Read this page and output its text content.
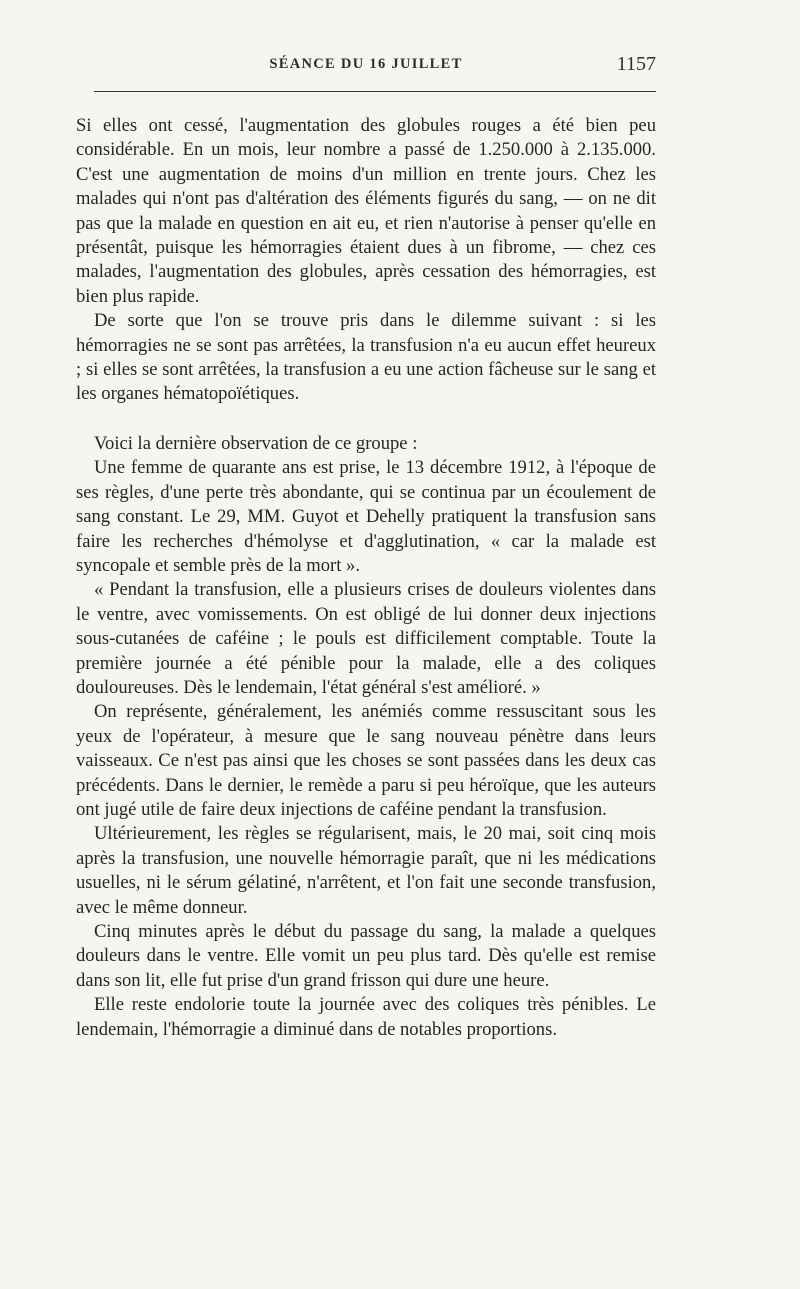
SÉANCE DU 16 JUILLET	1157

Si elles ont cessé, l'augmentation des globules rouges a été bien peu considérable. En un mois, leur nombre a passé de 1.250.000 à 2.135.000. C'est une augmentation de moins d'un million en trente jours. Chez les malades qui n'ont pas d'altération des éléments figurés du sang, — on ne dit pas que la malade en question en ait eu, et rien n'autorise à penser qu'elle en présentât, puisque les hémorragies étaient dues à un fibrome, — chez ces malades, l'augmentation des globules, après cessation des hémorragies, est bien plus rapide.

De sorte que l'on se trouve pris dans le dilemme suivant : si les hémorragies ne se sont pas arrêtées, la transfusion n'a eu aucun effet heureux ; si elles se sont arrêtées, la transfusion a eu une action fâcheuse sur le sang et les organes hématopoïétiques.

Voici la dernière observation de ce groupe :

Une femme de quarante ans est prise, le 13 décembre 1912, à l'époque de ses règles, d'une perte très abondante, qui se continua par un écoulement de sang constant. Le 29, MM. Guyot et Dehelly pratiquent la transfusion sans faire les recherches d'hémolyse et d'agglutination, « car la malade est syncopale et semble près de la mort ».

« Pendant la transfusion, elle a plusieurs crises de douleurs violentes dans le ventre, avec vomissements. On est obligé de lui donner deux injections sous-cutanées de caféine ; le pouls est difficilement comptable. Toute la première journée a été pénible pour la malade, elle a des coliques douloureuses. Dès le lendemain, l'état général s'est amélioré. »

On représente, généralement, les anémiés comme ressuscitant sous les yeux de l'opérateur, à mesure que le sang nouveau pénètre dans leurs vaisseaux. Ce n'est pas ainsi que les choses se sont passées dans les deux cas précédents. Dans le dernier, le remède a paru si peu héroïque, que les auteurs ont jugé utile de faire deux injections de caféine pendant la transfusion.

Ultérieurement, les règles se régularisent, mais, le 20 mai, soit cinq mois après la transfusion, une nouvelle hémorragie paraît, que ni les médications usuelles, ni le sérum gélatiné, n'arrêtent, et l'on fait une seconde transfusion, avec le même donneur.

Cinq minutes après le début du passage du sang, la malade a quelques douleurs dans le ventre. Elle vomit un peu plus tard. Dès qu'elle est remise dans son lit, elle fut prise d'un grand frisson qui dure une heure.

Elle reste endolorie toute la journée avec des coliques très pénibles. Le lendemain, l'hémorragie a diminué dans de notables proportions.
